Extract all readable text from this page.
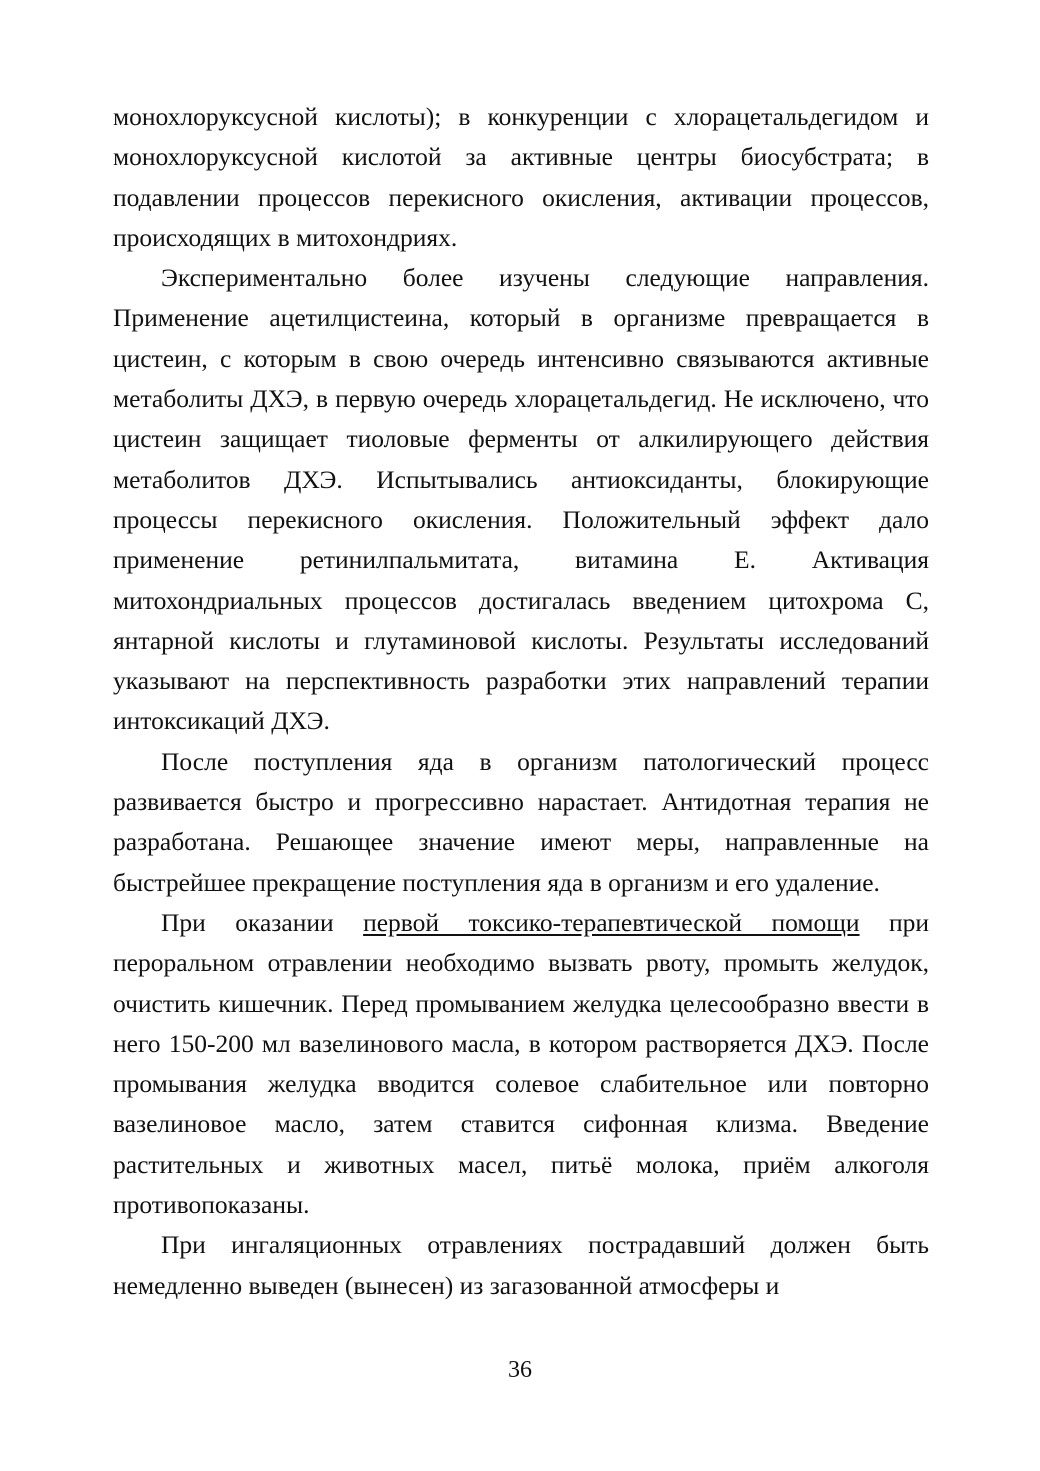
монохлоруксусной кислоты); в конкуренции с хлорацетальдегидом и монохлоруксусной кислотой за активные центры биосубстрата; в подавлении процессов перекисного окисления, активации процессов, происходящих в митохондриях.

Экспериментально более изучены следующие направления. Применение ацетилцистеина, который в организме превращается в цистеин, с которым в свою очередь интенсивно связываются активные метаболиты ДХЭ, в первую очередь хлорацетальдегид. Не исключено, что цистеин защищает тиоловые ферменты от алкилирующего действия метаболитов ДХЭ. Испытывались антиоксиданты, блокирующие процессы перекисного окисления. Положительный эффект дало применение ретинилпальмитата, витамина Е. Активация митохондриальных процессов достигалась введением цитохрома С, янтарной кислоты и глутаминовой кислоты. Результаты исследований указывают на перспективность разработки этих направлений терапии интоксикаций ДХЭ.

После поступления яда в организм патологический процесс развивается быстро и прогрессивно нарастает. Антидотная терапия не разработана. Решающее значение имеют меры, направленные на быстрейшее прекращение поступления яда в организм и его удаление.

При оказании первой токсико-терапевтической помощи при пероральном отравлении необходимо вызвать рвоту, промыть желудок, очистить кишечник. Перед промыванием желудка целесообразно ввести в него 150-200 мл вазелинового масла, в котором растворяется ДХЭ. После промывания желудка вводится солевое слабительное или повторно вазелиновое масло, затем ставится сифонная клизма. Введение растительных и животных масел, питьё молока, приём алкоголя противопоказаны.

При ингаляционных отравлениях пострадавший должен быть немедленно выведен (вынесен) из загазованной атмосферы и

36
